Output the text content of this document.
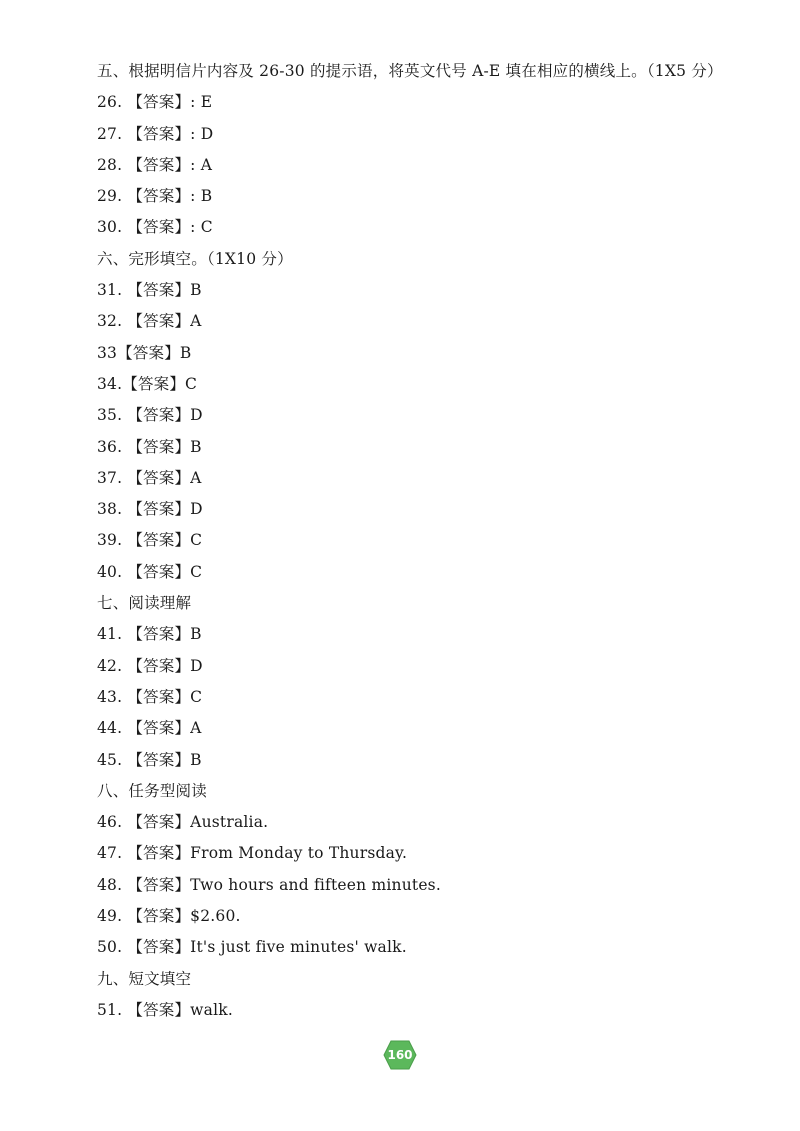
五、根据明信片内容及 26-30 的提示语，将英文代号 A-E 填在相应的横线上。（1X5 分）
26. 【答案】: E
27. 【答案】: D
28. 【答案】: A
29. 【答案】: B
30. 【答案】: C
六、完形填空。（1X10 分）
31. 【答案】B
32. 【答案】A
33【答案】B
34.【答案】C
35. 【答案】D
36. 【答案】B
37. 【答案】A
38. 【答案】D
39. 【答案】C
40. 【答案】C
七、阅读理解
41. 【答案】B
42. 【答案】D
43. 【答案】C
44. 【答案】A
45. 【答案】B
八、任务型阅读
46. 【答案】Australia.
47. 【答案】From Monday to Thursday.
48. 【答案】Two hours and fifteen minutes.
49. 【答案】$2.60.
50. 【答案】It's just five minutes' walk.
九、短文填空
51. 【答案】walk.
160
